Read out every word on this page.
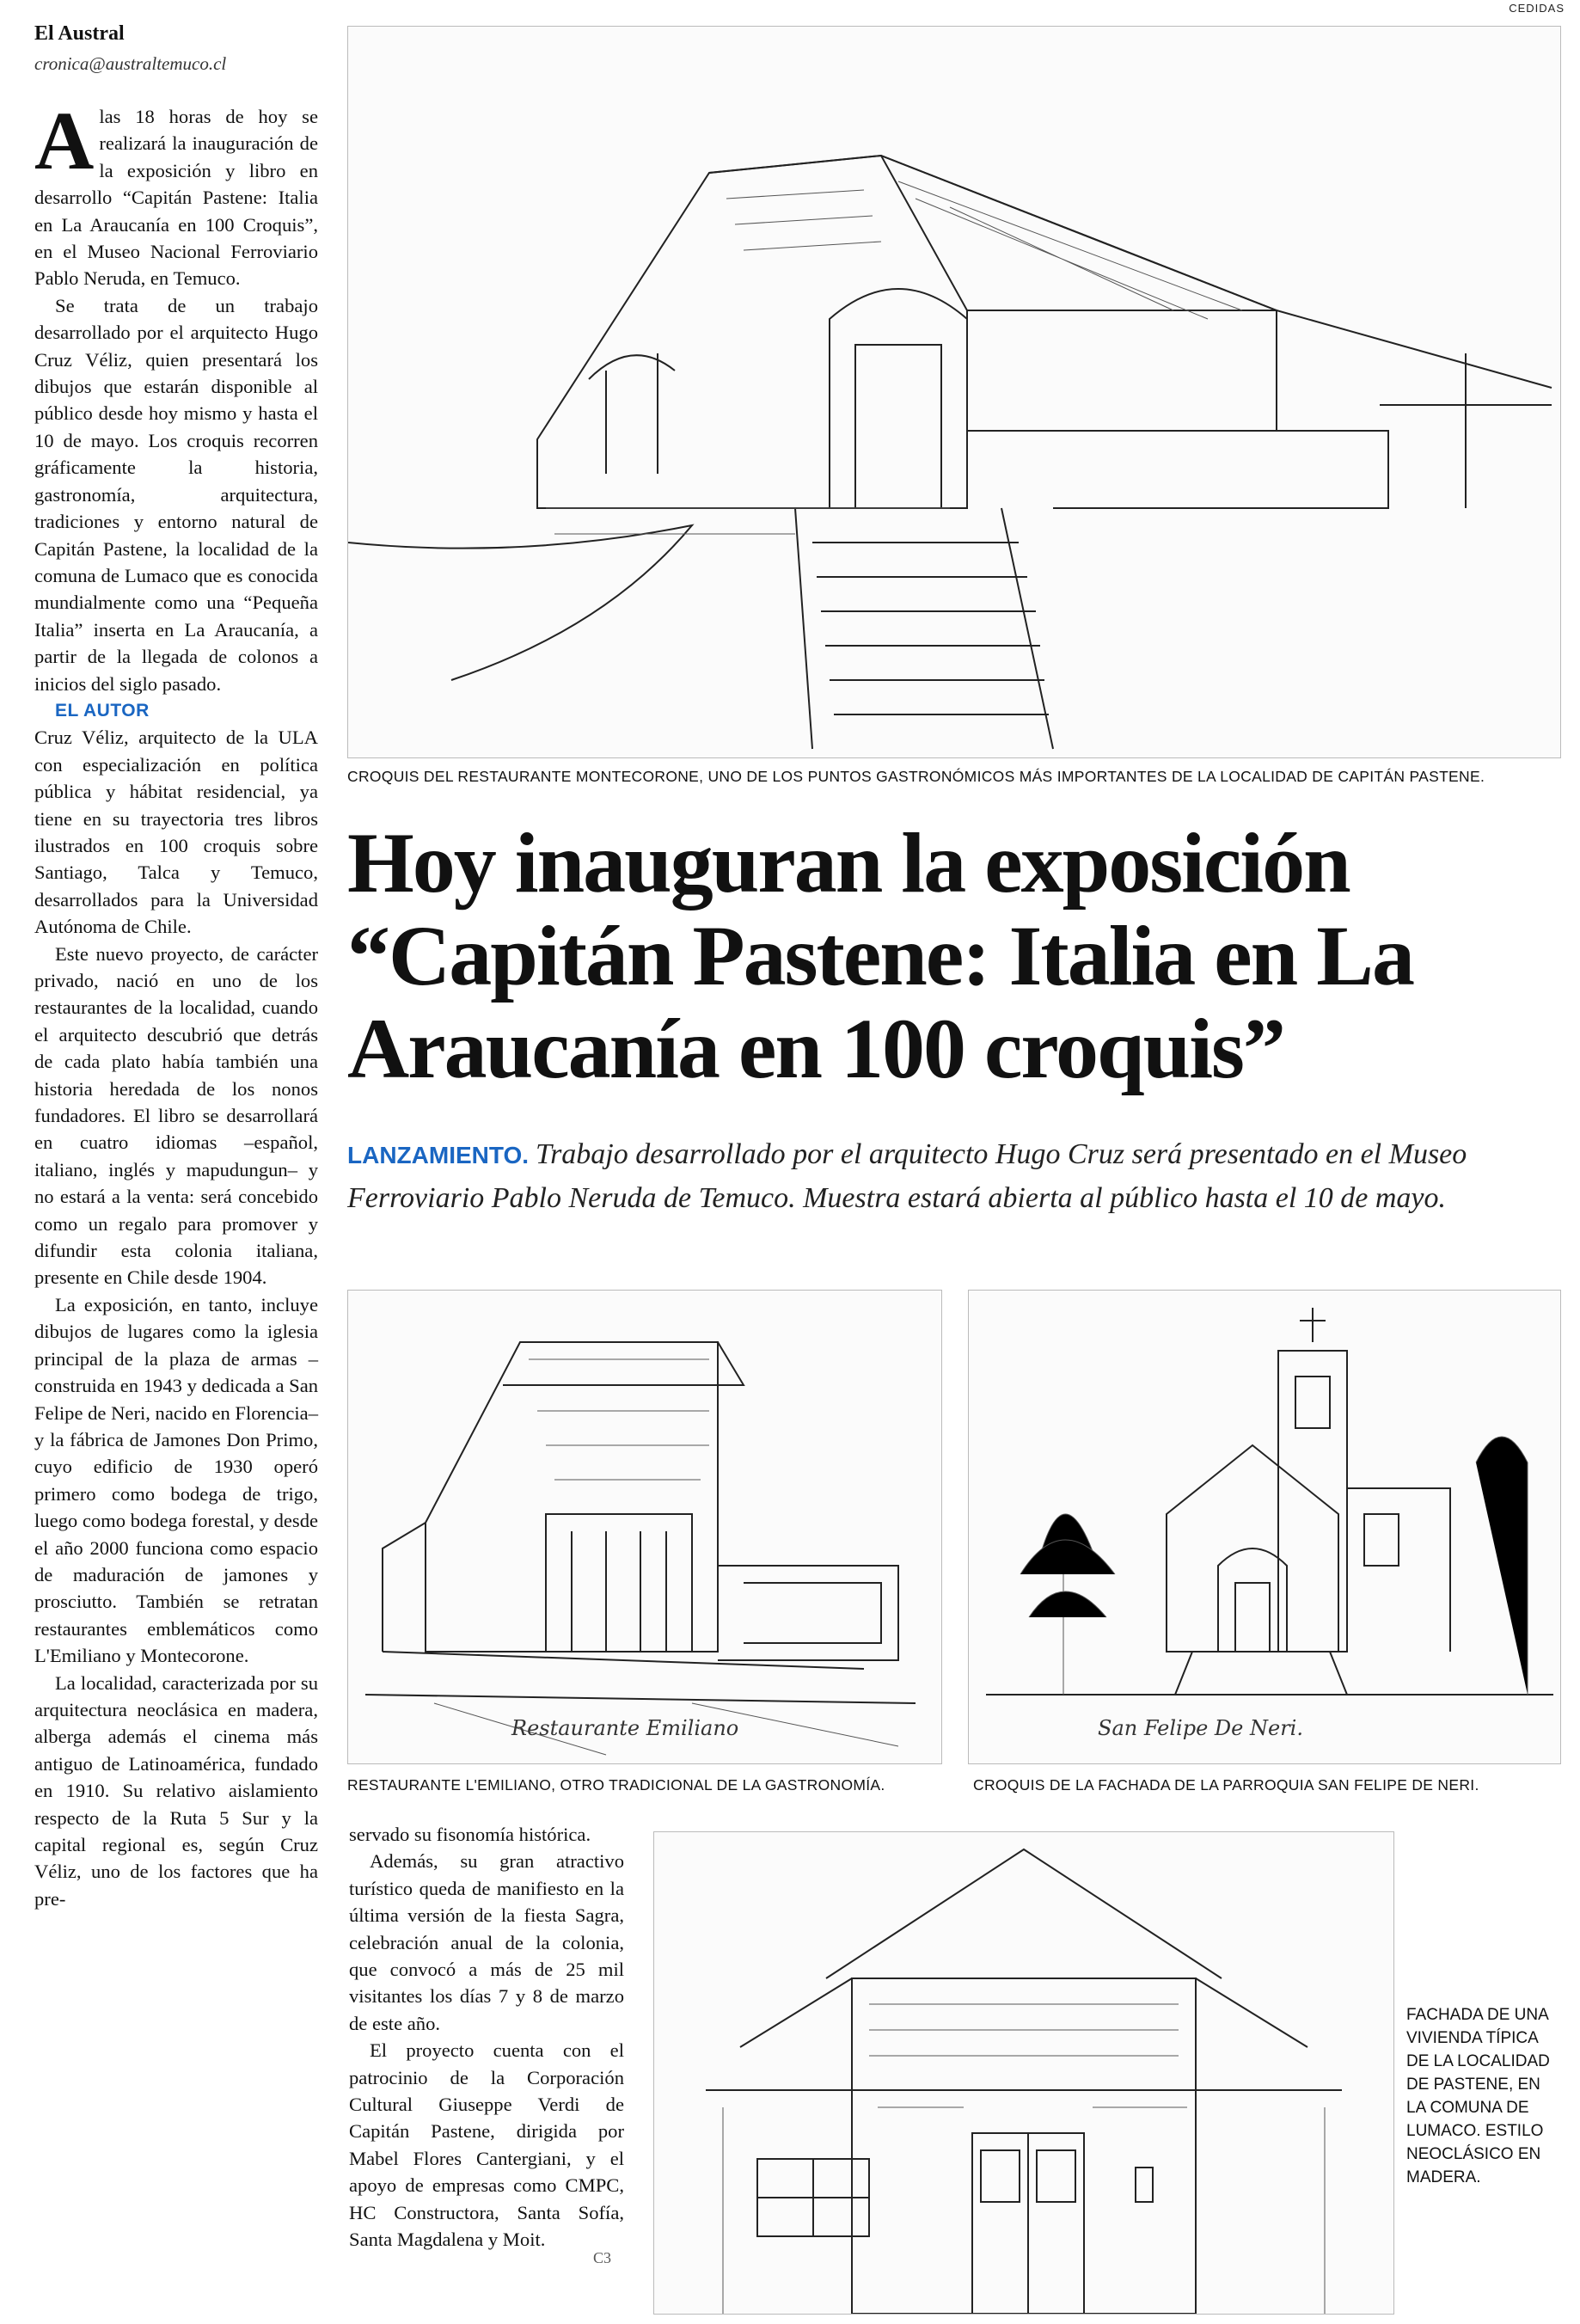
CEDIDAS
El Austral
cronica@australtemuco.cl

Alas 18 horas de hoy se realizará la inauguración de la exposición y libro en desarrollo “Capitán Pastene: Italia en La Araucanía en 100 Croquis”, en el Museo Nacional Ferroviario Pablo Neruda, en Temuco.

Se trata de un trabajo desarrollado por el arquitecto Hugo Cruz Véliz, quien presentará los dibujos que estarán disponible al público desde hoy mismo y hasta el 10 de mayo. Los croquis recorren gráficamente la historia, gastronomía, arquitectura, tradiciones y entorno natural de Capitán Pastene, la localidad de la comuna de Lumaco que es conocida mundialmente como una “Pequeña Italia” inserta en La Araucanía, a partir de la llegada de colonos a inicios del siglo pasado.

EL AUTOR

Cruz Véliz, arquitecto de la ULA con especialización en política pública y hábitat residencial, ya tiene en su trayectoria tres libros ilustrados en 100 croquis sobre Santiago, Talca y Temuco, desarrollados para la Universidad Autónoma de Chile.

Este nuevo proyecto, de carácter privado, nació en uno de los restaurantes de la localidad, cuando el arquitecto descubrió que detrás de cada plato había también una historia heredada de los nonos fundadores. El libro se desarrollará en cuatro idiomas –español, italiano, inglés y mapudungun– y no estará a la venta: será concebido como un regalo para promover y difundir esta colonia italiana, presente en Chile desde 1904.

La exposición, en tanto, incluye dibujos de lugares como la iglesia principal de la plaza de armas –construida en 1943 y dedicada a San Felipe de Neri, nacido en Florencia– y la fábrica de Jamones Don Primo, cuyo edificio de 1930 operó primero como bodega de trigo, luego como bodega forestal, y desde el año 2000 funciona como espacio de maduración de jamones y prosciutto. También se retratan restaurantes emblemáticos como L'Emiliano y Montecorone.

La localidad, caracterizada por su arquitectura neoclásica en madera, alberga además el cinema más antiguo de Latinoamérica, fundado en 1910. Su relativo aislamiento respecto de la Ruta 5 Sur y la capital regional es, según Cruz Véliz, uno de los factores que ha pre-

CROQUIS DEL RESTAURANTE MONTECORONE, UNO DE LOS PUNTOS GASTRONÓMICOS MÁS IMPORTANTES DE LA LOCALIDAD DE CAPITÁN PASTENE.
Hoy inauguran la exposición “Capitán Pastene: Italia en La Araucanía en 100 croquis”
LANZAMIENTO. Trabajo desarrollado por el arquitecto Hugo Cruz será presentado en el Museo Ferroviario Pablo Neruda de Temuco. Muestra estará abierta al público hasta el 10 de mayo.
Restaurante Emiliano
RESTAURANTE L'EMILIANO, OTRO TRADICIONAL DE LA GASTRONOMÍA.
San Felipe De Neri.
CROQUIS DE LA FACHADA DE LA PARROQUIA SAN FELIPE DE NERI.

servado su fisonomía histórica.

Además, su gran atractivo turístico queda de manifiesto en la última versión de la fiesta Sagra, celebración anual de la colonia, que convocó a más de 25 mil visitantes los días 7 y 8 de marzo de este año.

El proyecto cuenta con el patrocinio de la Corporación Cultural Giuseppe Verdi de Capitán Pastene, dirigida por Mabel Flores Cantergiani, y el apoyo de empresas como CMPC, HC Constructora, Santa Sofía, Santa Magdalena y Moit.

C3
FACHADA DE UNA VIVIENDA TÍPICA DE LA LOCALIDAD DE PASTENE, EN LA COMUNA DE LUMACO. ESTILO NEOCLÁSICO EN MADERA.
